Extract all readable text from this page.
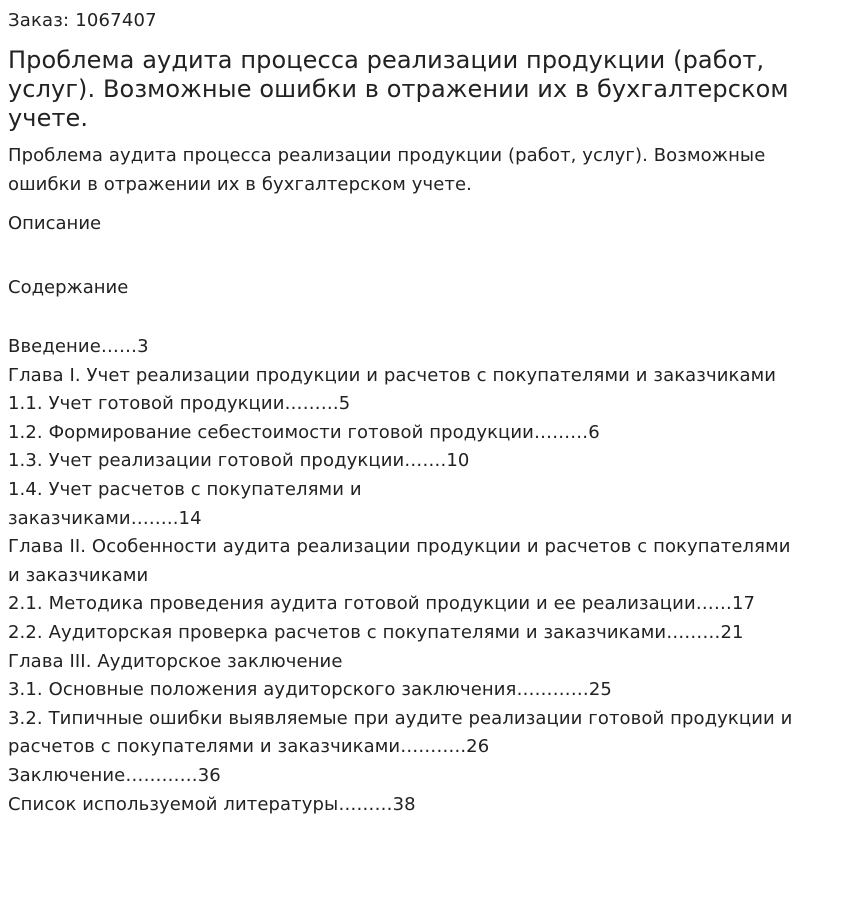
Заказ: 1067407

Проблема аудита процесса реализации продукции (работ, услуг). Возможные ошибки в отражении их в бухгалтерском учете.

Проблема аудита процесса реализации продукции (работ, услуг). Возможные ошибки в отражении их в бухгалтерском учете.

Описание

Содержание

Введение……3
Глава I. Учет реализации продукции и расчетов с покупателями и заказчиками
1.1. Учет готовой продукции………5
1.2. Формирование себестоимости готовой продукции………6
1.3. Учет реализации готовой продукции…….10
1.4. Учет расчетов с покупателями и
заказчиками……..14
Глава II. Особенности аудита реализации продукции и расчетов с покупателями
и заказчиками
2.1. Методика проведения аудита готовой продукции и ее реализации……17
2.2. Аудиторская проверка расчетов с покупателями и заказчиками………21
Глава III. Аудиторское заключение
3.1. Основные положения аудиторского заключения…………25
3.2. Типичные ошибки выявляемые при аудите реализации готовой продукции и
расчетов с покупателями и заказчиками………..26
Заключение…………36
Список используемой литературы………38
